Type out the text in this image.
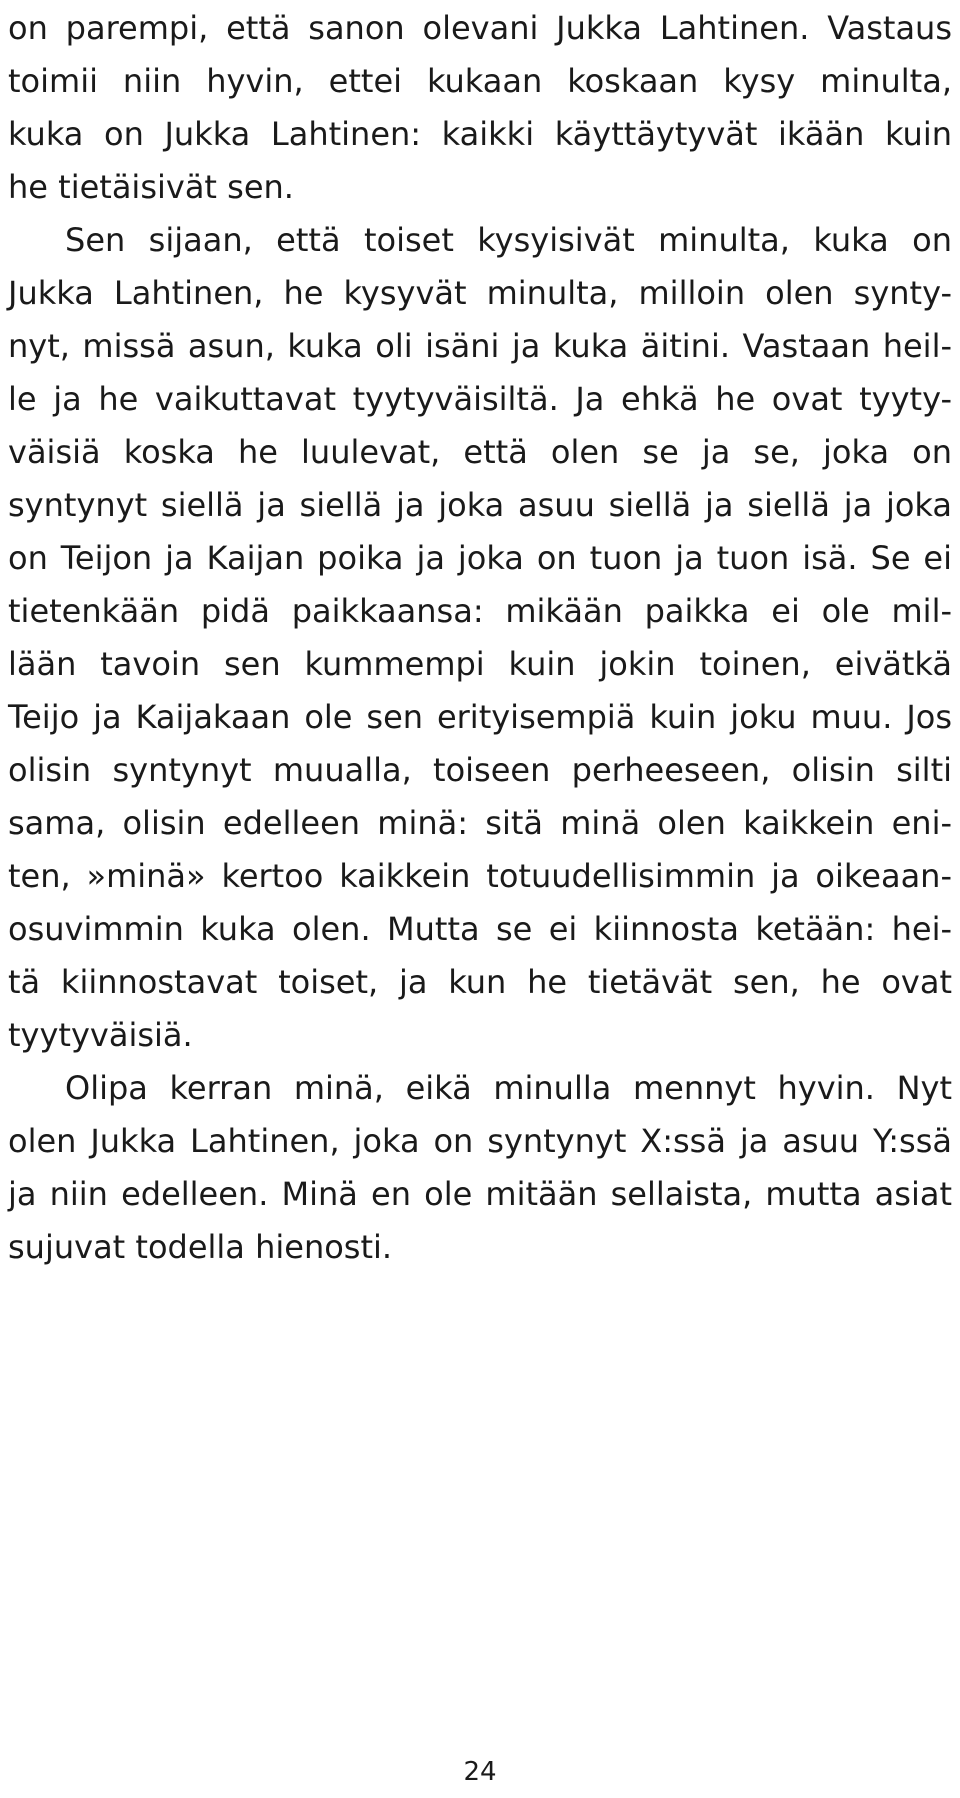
on parempi, että sanon olevani Jukka Lahtinen. Vastaus
toimii niin hyvin, ettei kukaan koskaan kysy minulta,
kuka on Jukka Lahtinen: kaikki käyttäytyvät ikään kuin
he tietäisivät sen.
Sen sijaan, että toiset kysyisivät minulta, kuka on
Jukka Lahtinen, he kysyvät minulta, milloin olen synty-
nyt, missä asun, kuka oli isäni ja kuka äitini. Vastaan heil-
le ja he vaikuttavat tyytyväisiltä. Ja ehkä he ovat tyyty-
väisiä koska he luulevat, että olen se ja se, joka on
syntynyt siellä ja siellä ja joka asuu siellä ja siellä ja joka
on Teijon ja Kaijan poika ja joka on tuon ja tuon isä. Se ei
tietenkään pidä paikkaansa: mikään paikka ei ole mil-
lään tavoin sen kummempi kuin jokin toinen, eivätkä
Teijo ja Kaijakaan ole sen erityisempiä kuin joku muu. Jos
olisin syntynyt muualla, toiseen perheeseen, olisin silti
sama, olisin edelleen minä: sitä minä olen kaikkein eni-
ten, »minä» kertoo kaikkein totuudellisimmin ja oikeaan-
osuvimmin kuka olen. Mutta se ei kiinnosta ketään: hei-
tä kiinnostavat toiset, ja kun he tietävät sen, he ovat
tyytyväisiä.
Olipa kerran minä, eikä minulla mennyt hyvin. Nyt
olen Jukka Lahtinen, joka on syntynyt X:ssä ja asuu Y:ssä
ja niin edelleen. Minä en ole mitään sellaista, mutta asiat
sujuvat todella hienosti.
24
